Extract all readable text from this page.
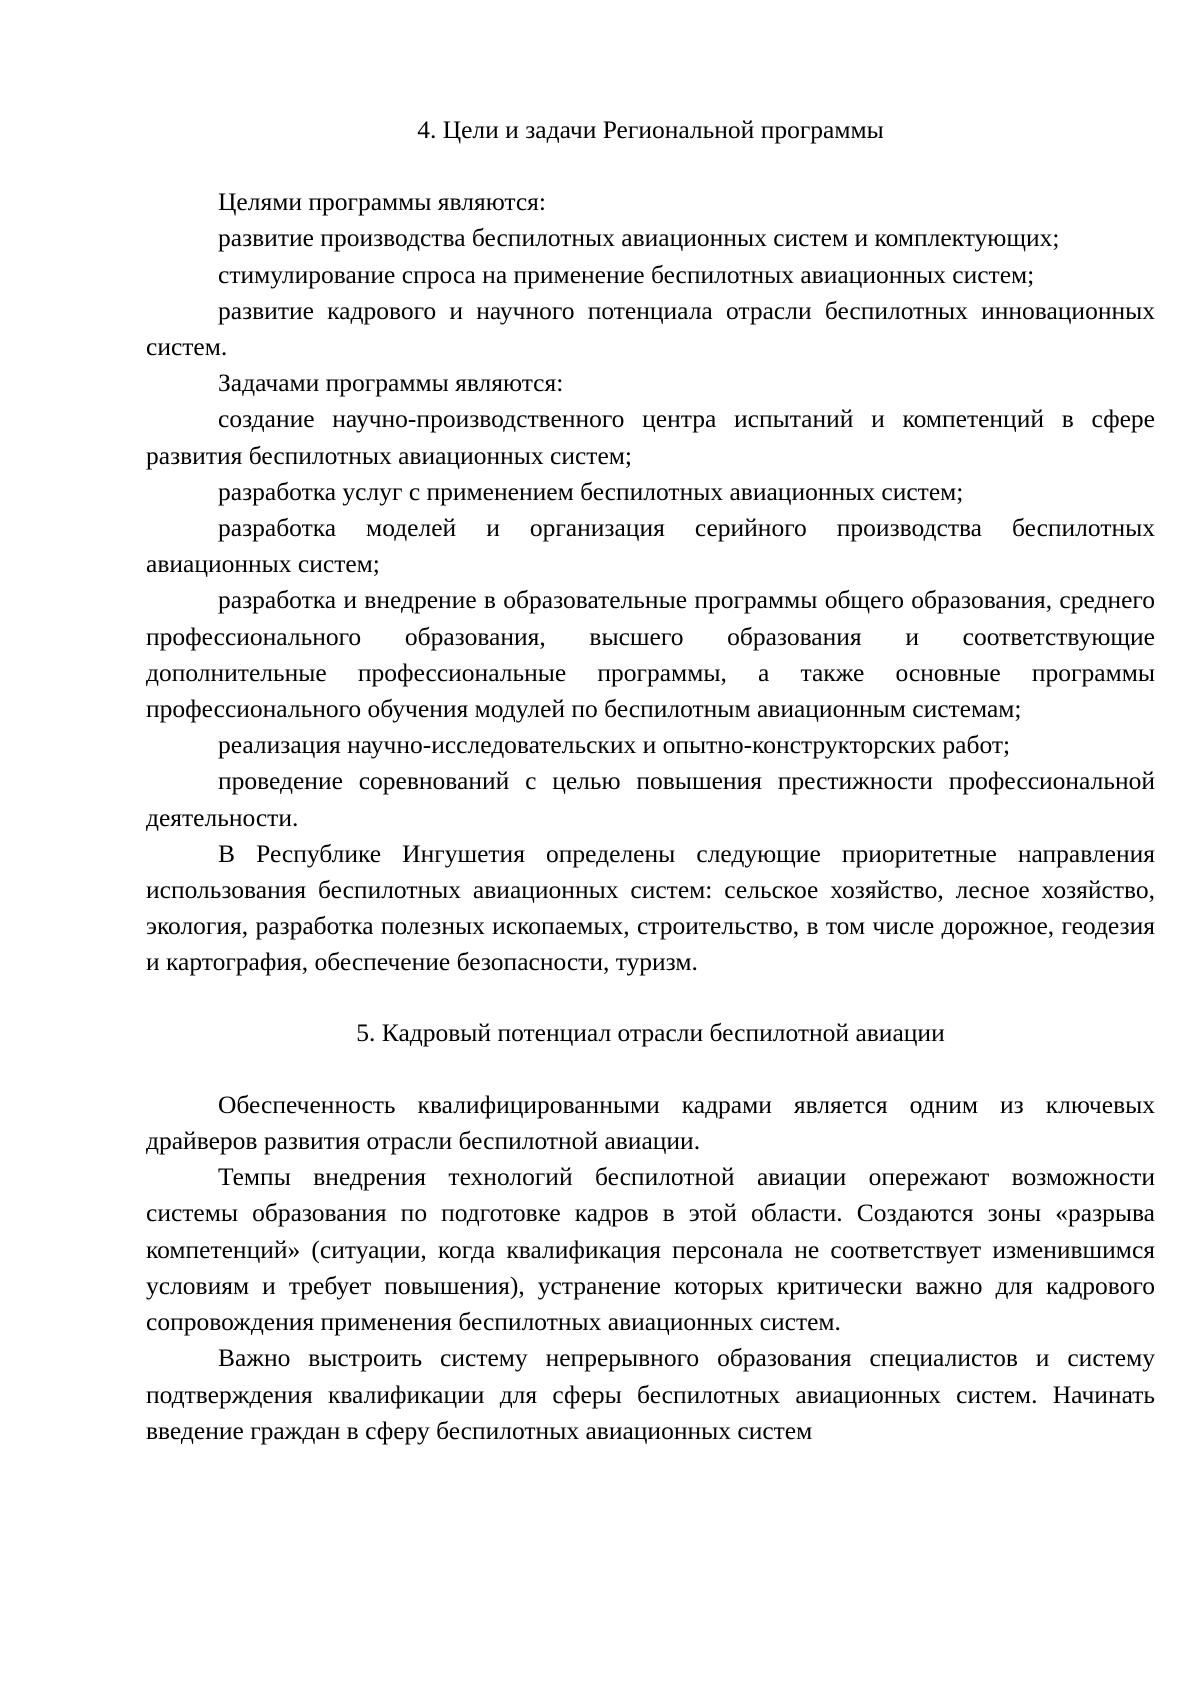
4. Цели и задачи Региональной программы

Целями программы являются:

развитие производства беспилотных авиационных систем и комплектующих;

стимулирование спроса на применение беспилотных авиационных систем;

развитие кадрового и научного потенциала отрасли беспилотных инновационных систем.

Задачами программы являются:

создание научно-производственного центра испытаний и компетенций в сфере развития беспилотных авиационных систем;

разработка услуг с применением беспилотных авиационных систем;

разработка моделей и организация серийного производства беспилотных авиационных систем;

разработка и внедрение в образовательные программы общего образования, среднего профессионального образования, высшего образования и соответствующие дополнительные профессиональные программы, а также основные программы профессионального обучения модулей по беспилотным авиационным системам;

реализация научно-исследовательских и опытно-конструкторских работ;

проведение соревнований с целью повышения престижности профессиональной деятельности.

В Республике Ингушетия определены следующие приоритетные направления использования беспилотных авиационных систем: сельское хозяйство, лесное хозяйство, экология, разработка полезных ископаемых, строительство, в том числе дорожное, геодезия и картография, обеспечение безопасности, туризм.

5. Кадровый потенциал отрасли беспилотной авиации

Обеспеченность квалифицированными кадрами является одним из ключевых драйверов развития отрасли беспилотной авиации.

Темпы внедрения технологий беспилотной авиации опережают возможности системы образования по подготовке кадров в этой области. Создаются зоны «разрыва компетенций» (ситуации, когда квалификация персонала не соответствует изменившимся условиям и требует повышения), устранение которых критически важно для кадрового сопровождения применения беспилотных авиационных систем.

Важно выстроить систему непрерывного образования специалистов и систему подтверждения квалификации для сферы беспилотных авиационных систем. Начинать введение граждан в сферу беспилотных авиационных систем
